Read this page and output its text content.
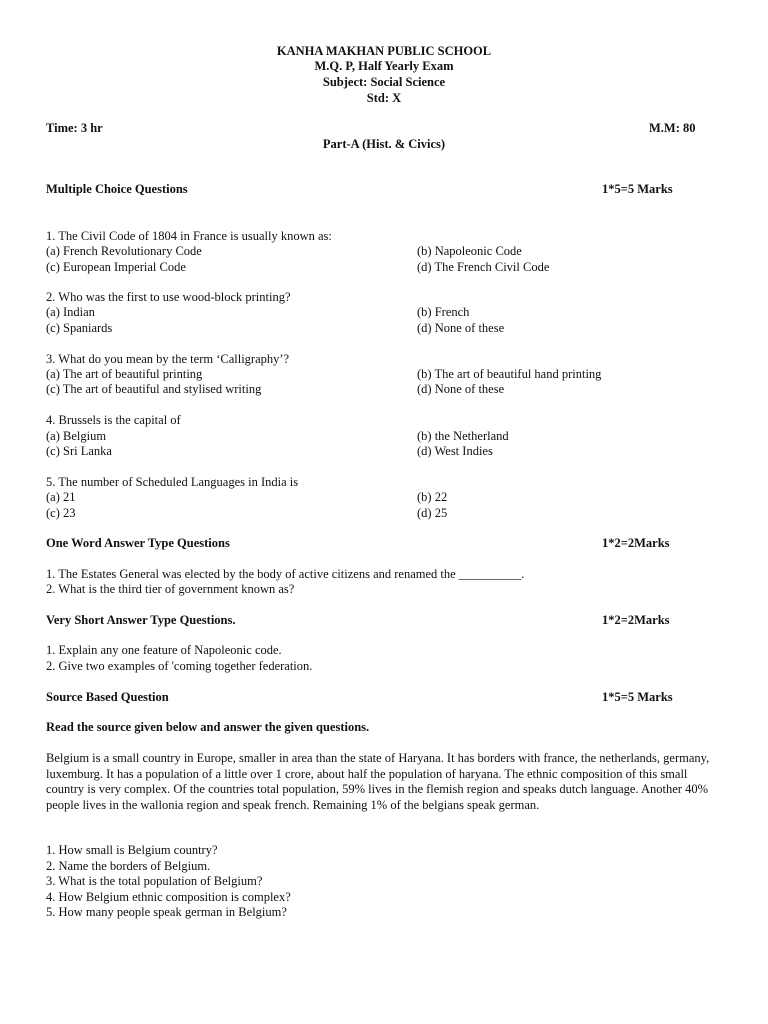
KANHA MAKHAN PUBLIC SCHOOL
M.Q. P, Half Yearly Exam
Subject: Social Science
Std: X
Time: 3 hr	M.M: 80
Part-A (Hist. & Civics)
Multiple Choice Questions	1*5=5 Marks
1. The Civil Code of 1804 in France is usually known as:
(a) French Revolutionary Code	(b) Napoleonic Code
(c) European Imperial Code	(d) The French Civil Code
2. Who was the first to use wood-block printing?
(a) Indian	(b) French
(c) Spaniards	(d) None of these
3. What do you mean by the term ‘Calligraphy’?
(a) The art of beautiful printing	(b) The art of beautiful hand printing
(c) The art of beautiful and stylised writing	(d) None of these
4. Brussels is the capital of
(a) Belgium	(b) the Netherland
(c) Sri Lanka	(d) West Indies
5. The number of Scheduled Languages in India is
(a) 21	(b) 22
(c) 23	(d) 25
One Word Answer Type Questions	1*2=2Marks
1. The Estates General was elected by the body of active citizens and renamed the __________.
2. What is the third tier of government known as?
Very Short Answer Type Questions.	1*2=2Marks
1. Explain any one feature of Napoleonic code.
2. Give two examples of 'coming together federation.
Source Based Question	1*5=5 Marks
Read the source given below and answer the given questions.
Belgium is a small country in Europe, smaller in area than the state of Haryana. It has borders with france, the netherlands, germany, luxemburg. It has a population of a little over 1 crore, about half the population of haryana. The ethnic composition of this small country is very complex. Of the countries total population, 59% lives in the flemish region and speaks dutch language. Another 40% people lives in the wallonia region and speak french. Remaining 1% of the belgians speak german.
1. How small is Belgium country?
2. Name the borders of Belgium.
3. What is the total population of Belgium?
4. How Belgium ethnic composition is complex?
5. How many people speak german in Belgium?
